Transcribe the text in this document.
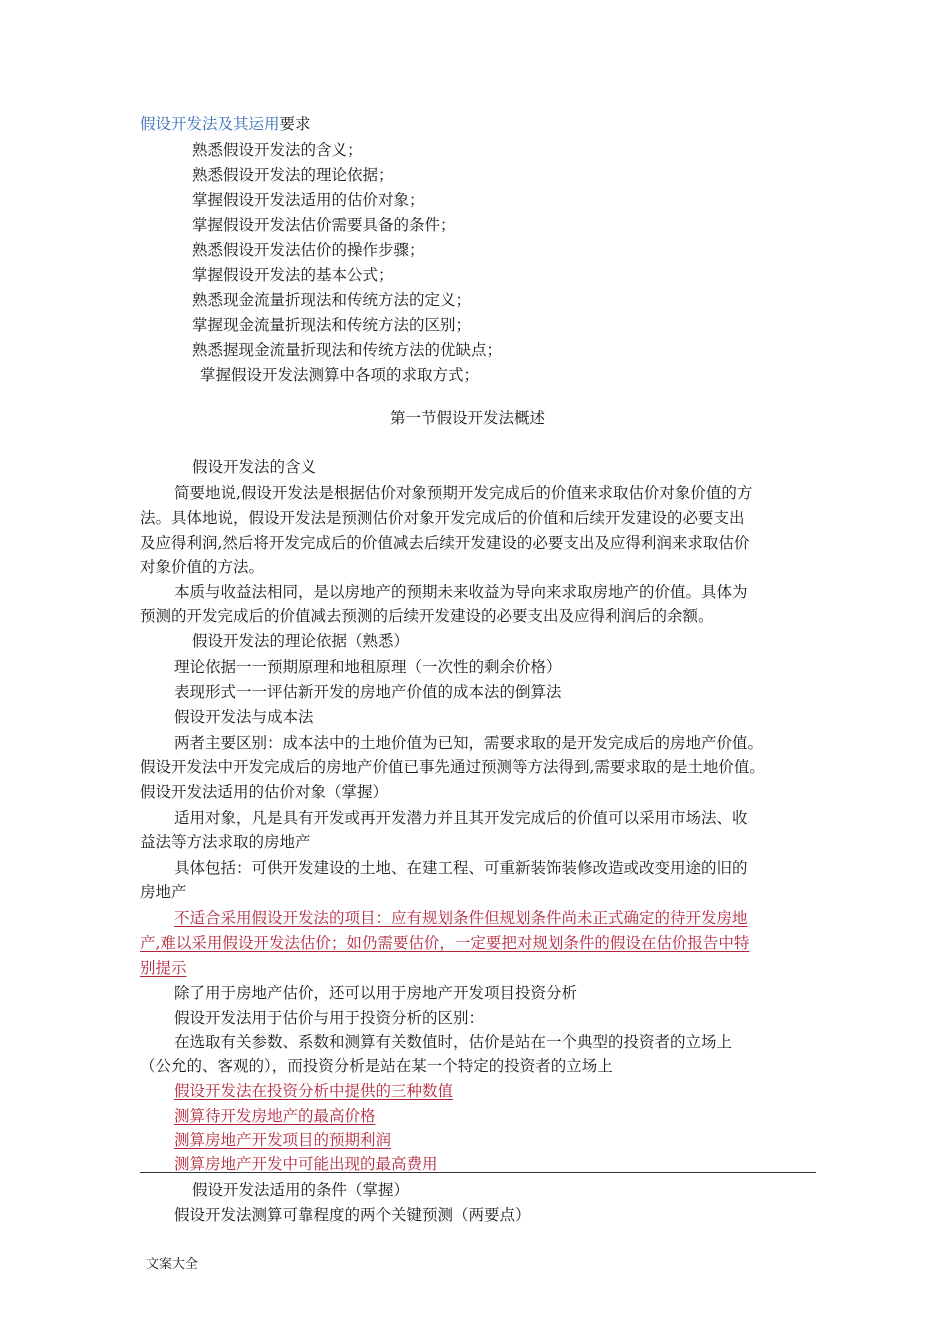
假设开发法及其运用要求
熟悉假设开发法的含义；
熟悉假设开发法的理论依据；
掌握假设开发法适用的估价对象；
掌握假设开发法估价需要具备的条件；
熟悉假设开发法估价的操作步骤；
掌握假设开发法的基本公式；
熟悉现金流量折现法和传统方法的定义；
掌握现金流量折现法和传统方法的区别；
熟悉握现金流量折现法和传统方法的优缺点；
掌握假设开发法测算中各项的求取方式；
第一节假设开发法概述
假设开发法的含义
简要地说,假设开发法是根据估价对象预期开发完成后的价值来求取估价对象价值的方
法。具体地说，假设开发法是预测估价对象开发完成后的价值和后续开发建设的必要支出
及应得利润,然后将开发完成后的价值减去后续开发建设的必要支出及应得利润来求取估价
对象价值的方法。
本质与收益法相同，是以房地产的预期未来收益为导向来求取房地产的价值。具体为
预测的开发完成后的价值减去预测的后续开发建设的必要支出及应得利润后的余额。
假设开发法的理论依据（熟悉）
理论依据一一预期原理和地租原理（一次性的剩余价格）
表现形式一一评估新开发的房地产价值的成本法的倒算法
假设开发法与成本法
两者主要区别：成本法中的土地价值为已知，需要求取的是开发完成后的房地产价值。
假设开发法中开发完成后的房地产价值已事先通过预测等方法得到,需要求取的是土地价值。
假设开发法适用的估价对象（掌握）
适用对象，凡是具有开发或再开发潜力并且其开发完成后的价值可以采用市场法、收
益法等方法求取的房地产
具体包括：可供开发建设的土地、在建工程、可重新装饰装修改造或改变用途的旧的
房地产
不适合采用假设开发法的项目：应有规划条件但规划条件尚未正式确定的待开发房地
产,难以采用假设开发法估价；如仍需要估价，一定要把对规划条件的假设在估价报告中特
别提示
除了用于房地产估价，还可以用于房地产开发项目投资分析
假设开发法用于估价与用于投资分析的区别：
在选取有关参数、系数和测算有关数值时，估价是站在一个典型的投资者的立场上
（公允的、客观的），而投资分析是站在某一个特定的投资者的立场上
假设开发法在投资分析中提供的三种数值
测算待开发房地产的最高价格
测算房地产开发项目的预期利润
测算房地产开发中可能出现的最高费用
假设开发法适用的条件（掌握）
假设开发法测算可靠程度的两个关键预测（两要点）
文案大全
